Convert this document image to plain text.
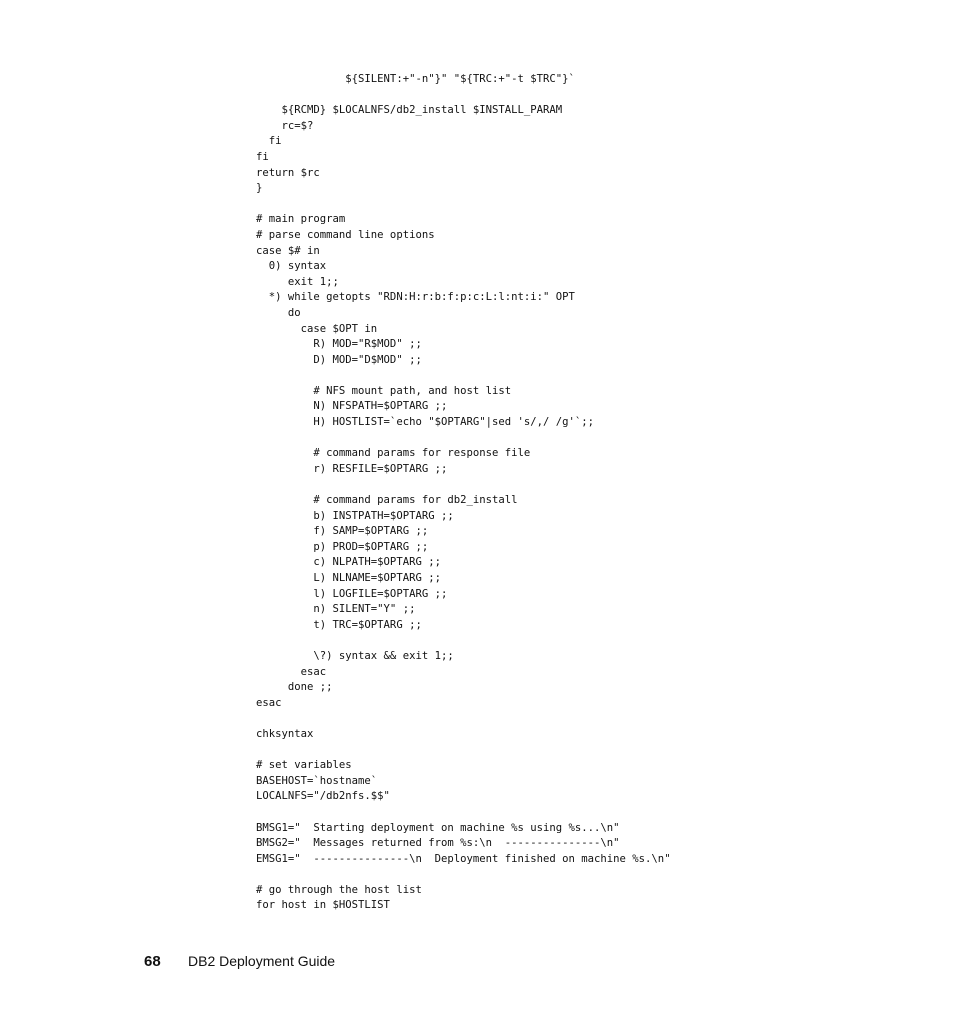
${SILENT:+"-n"}" "${TRC:+"-t $TRC"}`
${RCMD} $LOCALNFS/db2_install $INSTALL_PARAM
rc=$?
fi
fi
return $rc
}
# main program
# parse command line options
case $# in
0) syntax
exit 1;;
*) while getopts "RDN:H:r:b:f:p:c:L:l:nt:i:" OPT
do
case $OPT in
R) MOD="R$MOD" ;;
D) MOD="D$MOD" ;;
# NFS mount path, and host list
N) NFSPATH=$OPTARG ;;
H) HOSTLIST=`echo "$OPTARG"|sed 's/,/ /g'`;;
# command params for response file
r) RESFILE=$OPTARG ;;
# command params for db2_install
b) INSTPATH=$OPTARG ;;
f) SAMP=$OPTARG ;;
p) PROD=$OPTARG ;;
c) NLPATH=$OPTARG ;;
L) NLNAME=$OPTARG ;;
l) LOGFILE=$OPTARG ;;
n) SILENT="Y" ;;
t) TRC=$OPTARG ;;
\?) syntax && exit 1;;
esac
done ;;
esac
chksyntax
# set variables
BASEHOST=`hostname`
LOCALNFS="/db2nfs.$$"
BMSG1="  Starting deployment on machine %s using %s...\n"
BMSG2="  Messages returned from %s:\n  ---------------\n"
EMSG1="  ---------------\n  Deployment finished on machine %s.\n"
# go through the host list
for host in $HOSTLIST
68 DB2 Deployment Guide
